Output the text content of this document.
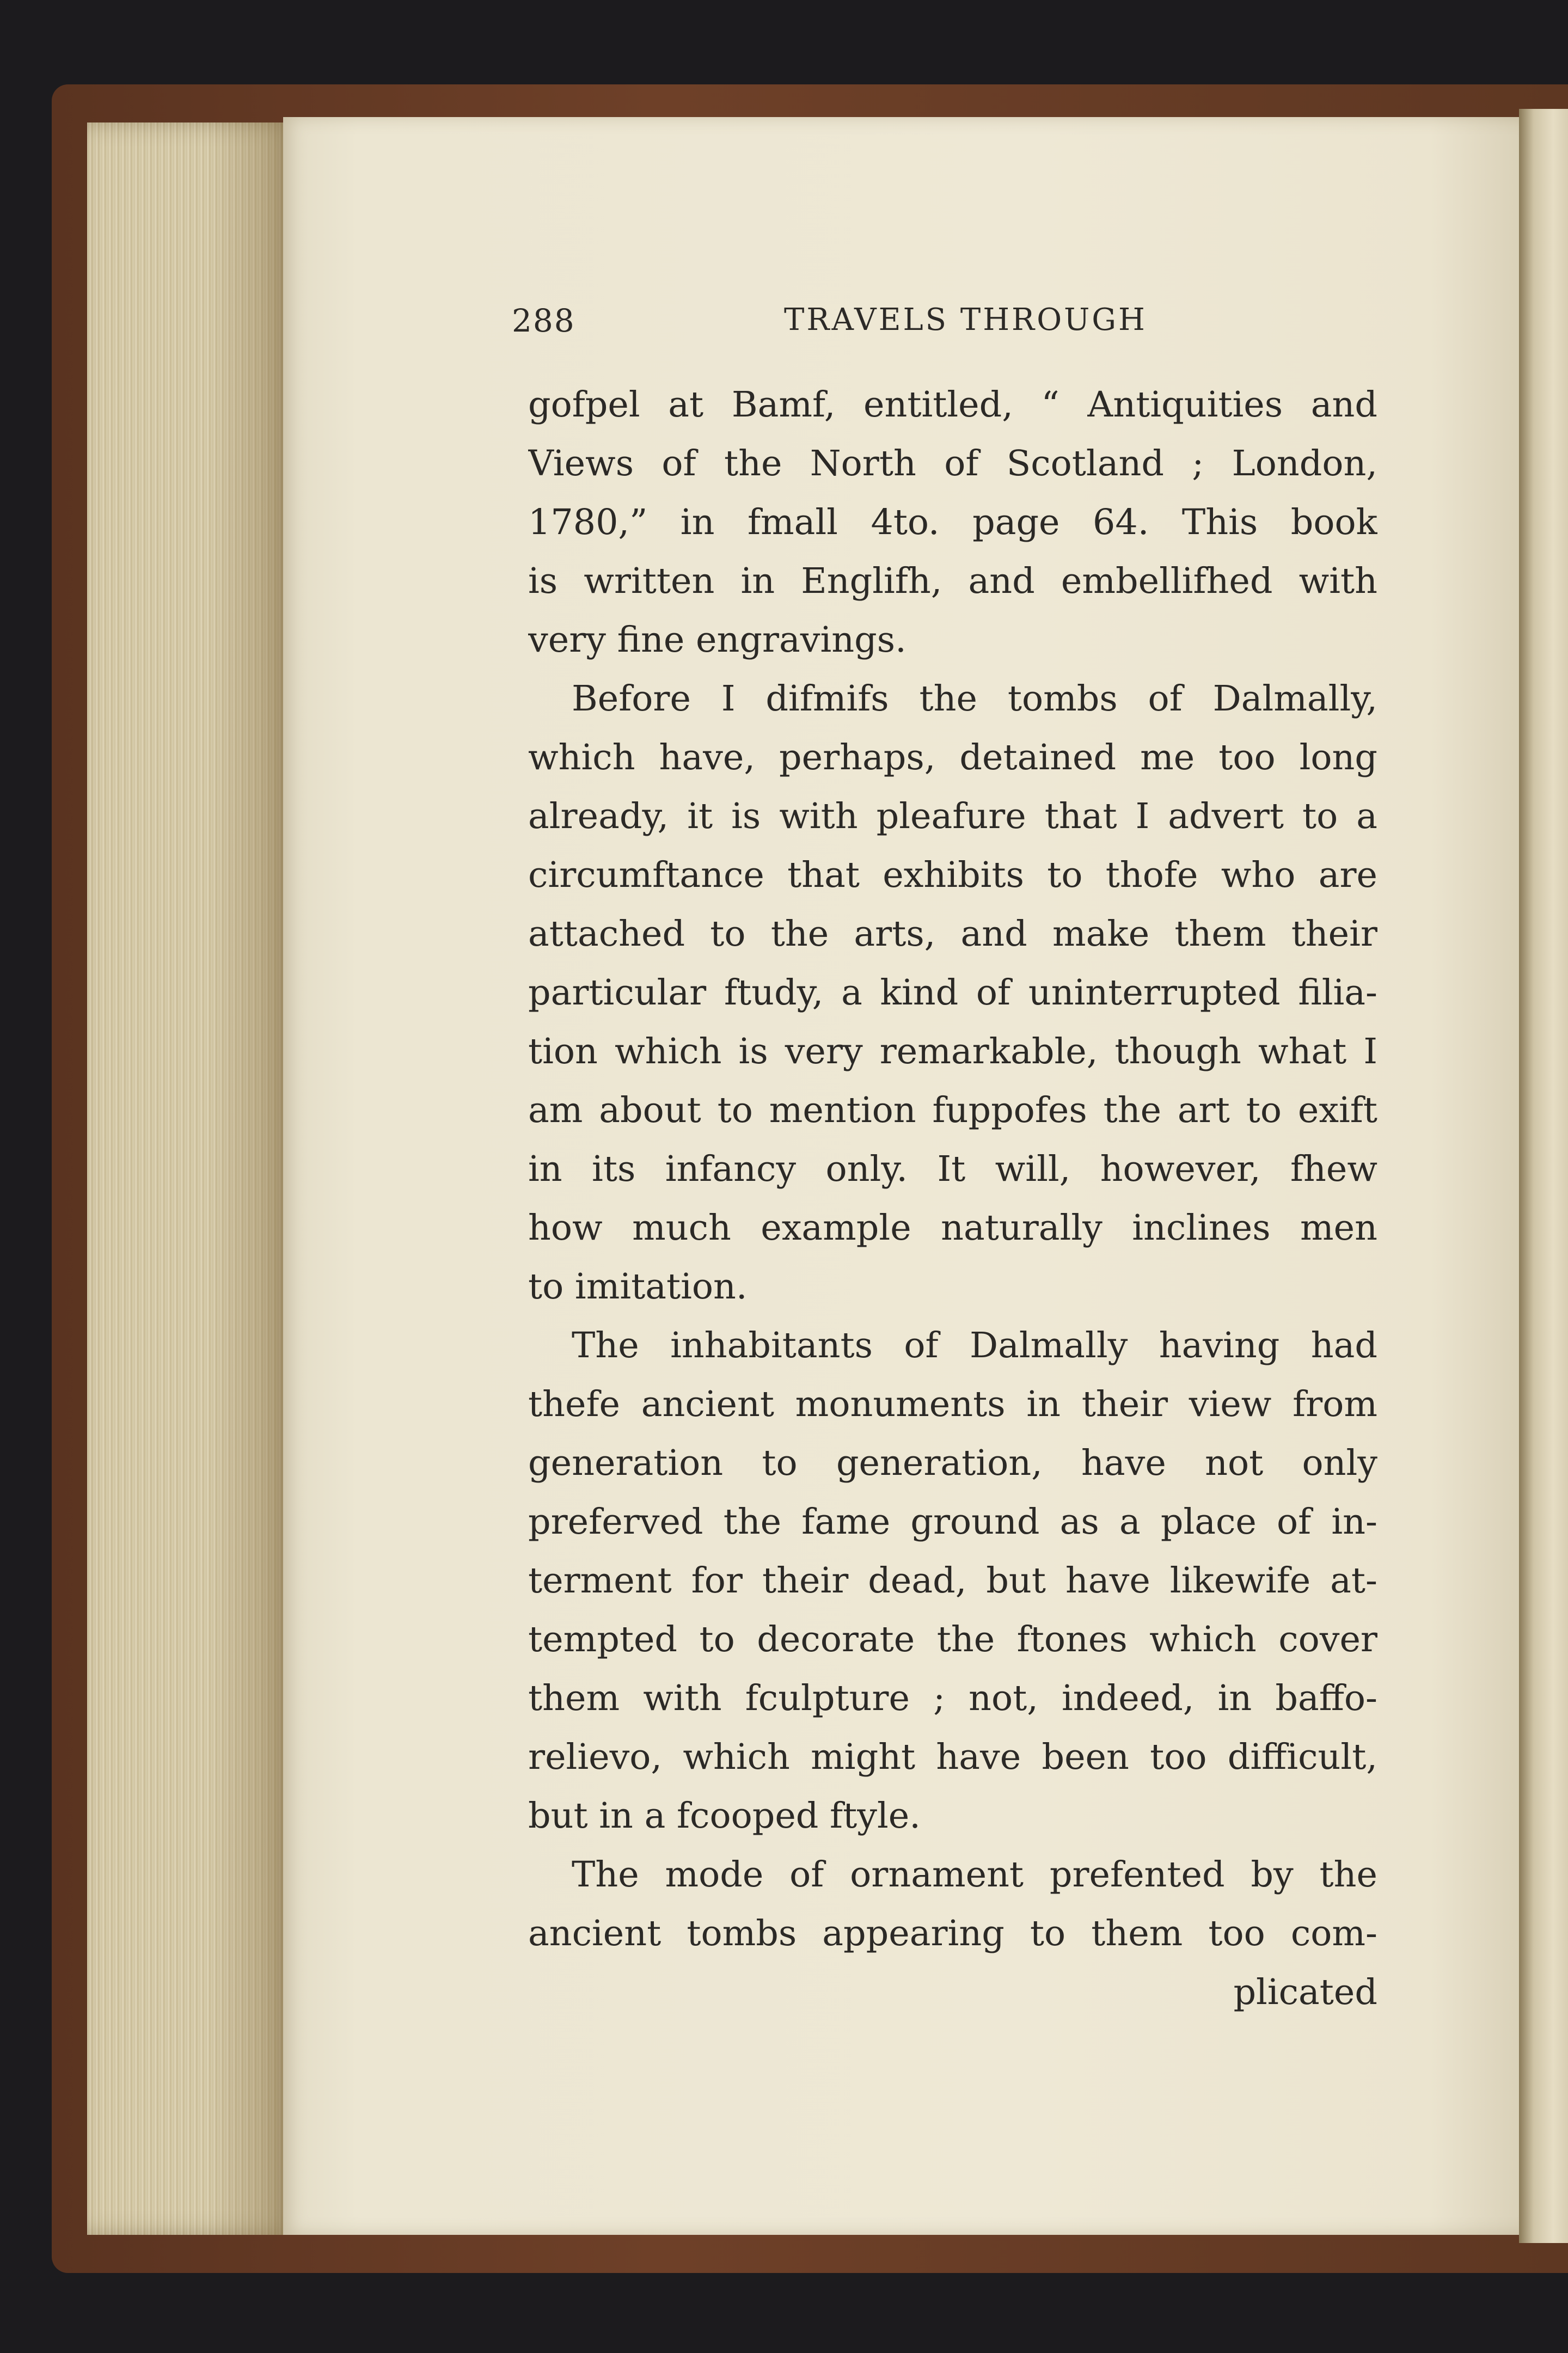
288	TRAVELS THROUGH
gofpel at Bamf, entitled, “ Antiquities and
Views of the North of Scotland ; London,
1780,” in fmall 4to. page 64. This book
is written in Englifh, and embellifhed with
very fine engravings.
Before I difmifs the tombs of Dalmally,
which have, perhaps, detained me too long
already, it is with pleafure that I advert to a
circumftance that exhibits to thofe who are
attached to the arts, and make them their
particular ftudy, a kind of uninterrupted filia-
tion which is very remarkable, though what I
am about to mention fuppofes the art to exift
in its infancy only. It will, however, fhew
how much example naturally inclines men
to imitation.
The inhabitants of Dalmally having had
thefe ancient monuments in their view from
generation to generation, have not only
preferved the fame ground as a place of in-
terment for their dead, but have likewife at-
tempted to decorate the ftones which cover
them with fculpture ; not, indeed, in baffo-
relievo, which might have been too difficult,
but in a fcooped ftyle.
The mode of ornament prefented by the
ancient tombs appearing to them too com-
plicated
